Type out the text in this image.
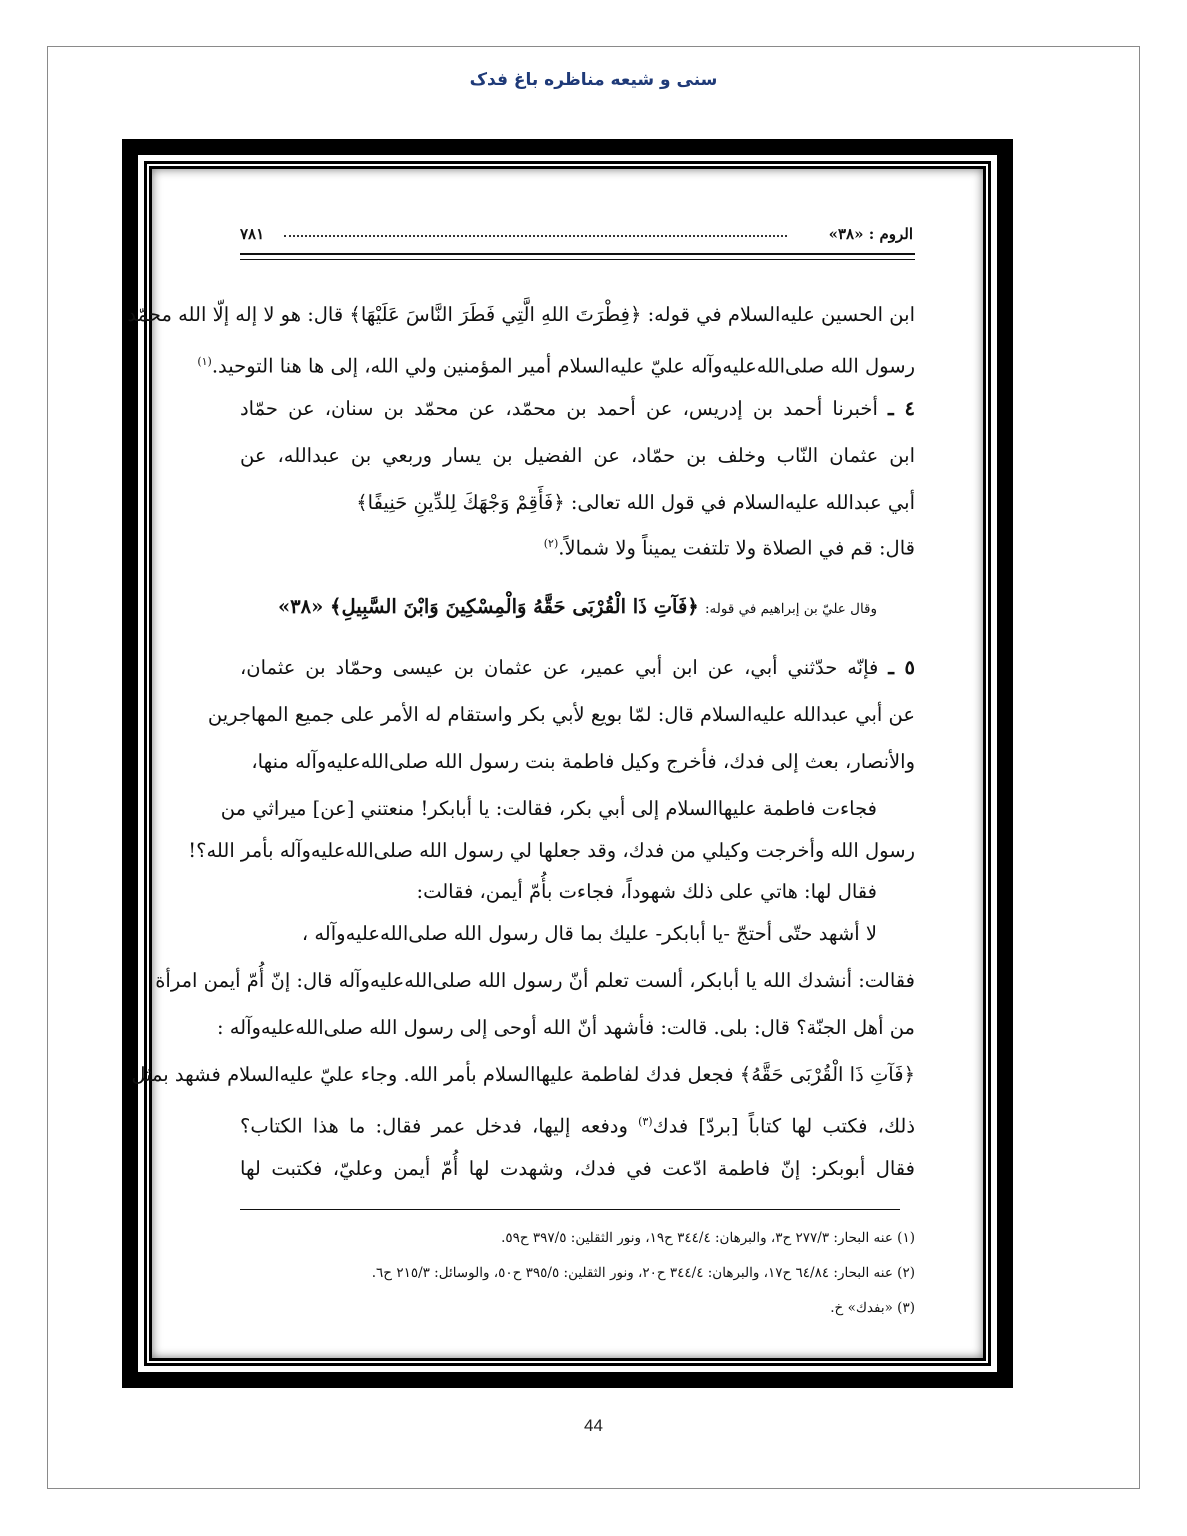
سنی و شیعه مناظره باغ فدک
الروم : «٣٨»
٧٨١
ابن الحسين عليه‌السلام في قوله: ﴿فِطْرَتَ اللهِ الَّتِي فَطَرَ النَّاسَ عَلَيْهَا﴾ قال: هو لا إله إلّا الله محمّد
رسول الله صلى‌الله‌عليه‌وآله عليّ عليه‌السلام أمير المؤمنين ولي الله، إلى ها هنا التوحيد.$^{(١)}$
٤ ـ أخبرنا أحمد بن إدريس، عن أحمد بن محمّد، عن محمّد بن سنان، عن حمّاد
ابن عثمان النّاب وخلف بن حمّاد، عن الفضيل بن يسار وربعي بن عبدالله، عن
أبي عبدالله عليه‌السلام في قول الله تعالى: ﴿فَأَقِمْ وَجْهَكَ لِلدِّينِ حَنِيفًا﴾
قال: قم في الصلاة ولا تلتفت يميناً ولا شمالاً.$^{(٢)}$
وقال عليّ بن إبراهيم في قوله: ﴿فَآتِ ذَا الْقُرْبَى حَقَّهُ وَالْمِسْكِينَ وَابْنَ السَّبِيلِ﴾ «٣٨»
٥ ـ فإنّه حدّثني أبي، عن ابن أبي عمير، عن عثمان بن عيسى وحمّاد بن عثمان،
عن أبي عبدالله عليه‌السلام قال: لمّا بويع لأبي بكر واستقام له الأمر على جميع المهاجرين
والأنصار، بعث إلى فدك، فأخرج وكيل فاطمة بنت رسول الله صلى‌الله‌عليه‌وآله منها،
فجاءت فاطمة عليها‌السلام إلى أبي بكر، فقالت: يا أبابكر! منعتني [عن] ميراثي من
رسول الله وأخرجت وكيلي من فدك، وقد جعلها لي رسول الله صلى‌الله‌عليه‌وآله بأمر الله؟!
فقال لها: هاتي على ذلك شهوداً، فجاءت بأُمّ أيمن، فقالت:
لا أشهد حتّى أحتجّ -يا أبابكر- عليك بما قال رسول الله صلى‌الله‌عليه‌وآله ،
فقالت: أنشدك الله يا أبابكر، ألست تعلم أنّ رسول الله صلى‌الله‌عليه‌وآله قال: إنّ أُمّ أيمن امرأة
من أهل الجنّة؟ قال: بلى. قالت: فأشهد أنّ الله أوحى إلى رسول الله صلى‌الله‌عليه‌وآله :
﴿فَآتِ ذَا الْقُرْبَى حَقَّهُ﴾ فجعل فدك لفاطمة عليها‌السلام بأمر الله. وجاء عليّ عليه‌السلام فشهد بمثل
ذلك، فكتب لها كتاباً [بردّ] فدك$^{(٣)}$ ودفعه إليها، فدخل عمر فقال: ما هذا الكتاب؟
فقال أبوبكر: إنّ فاطمة ادّعت في فدك، وشهدت لها أُمّ أيمن وعليّ، فكتبت لها
(١) عنه البحار: ٢٧٧/٣ ح٣، والبرهان: ٣٤٤/٤ ح١٩، ونور الثقلين: ٣٩٧/٥ ح٥٩.
(٢) عنه البحار: ٦٤/٨٤ ح١٧، والبرهان: ٣٤٤/٤ ح٢٠، ونور الثقلين: ٣٩٥/٥ ح٥٠، والوسائل: ٢١٥/٣ ح٦.
(٣) «بفدك» خ.
44
